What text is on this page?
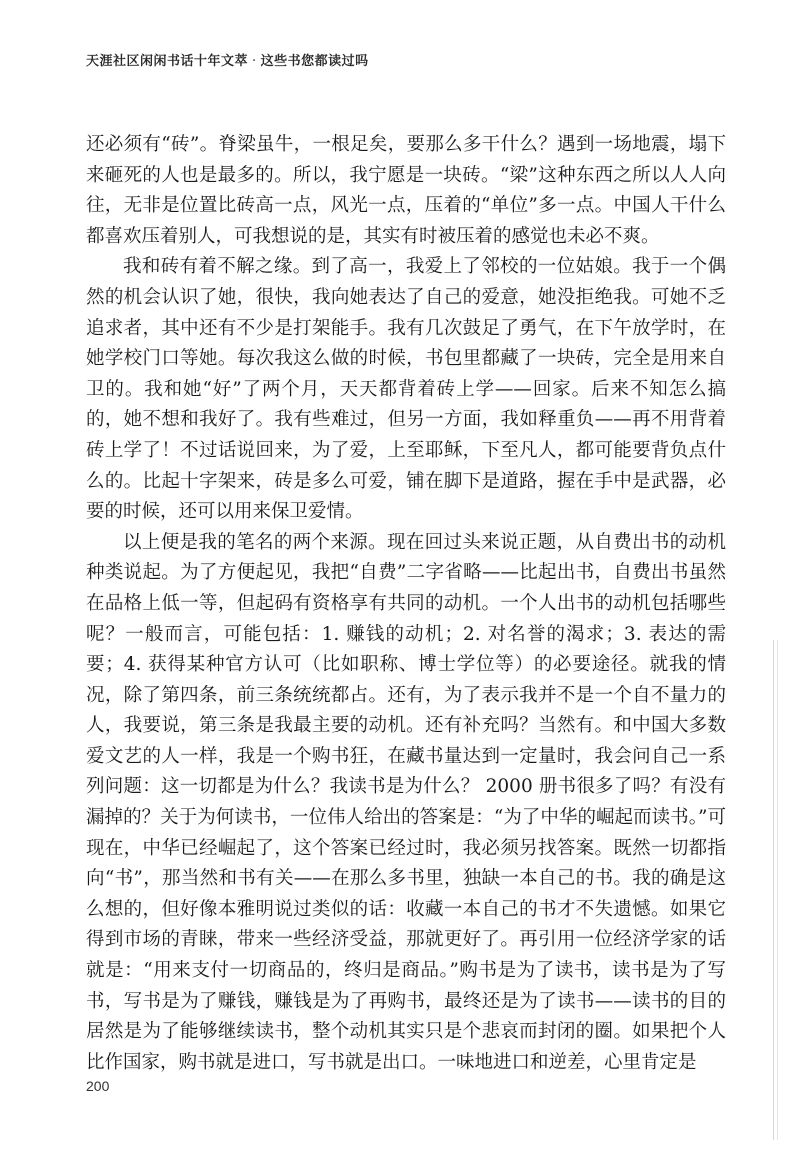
天涯社区闲闲书话十年文萃 · 这些书您都读过吗

还必须有“砖”。脊梁虽牛，一根足矣，要那么多干什么？遇到一场地震，塌下来砸死的人也是最多的。所以，我宁愿是一块砖。“梁”这种东西之所以人人向往，无非是位置比砖高一点，风光一点，压着的“单位”多一点。中国人干什么都喜欢压着别人，可我想说的是，其实有时被压着的感觉也未必不爽。

我和砖有着不解之缘。到了高一，我爱上了邻校的一位姑娘。我于一个偶然的机会认识了她，很快，我向她表达了自己的爱意，她没拒绝我。可她不乏追求者，其中还有不少是打架能手。我有几次鼓足了勇气，在下午放学时，在她学校门口等她。每次我这么做的时候，书包里都藏了一块砖，完全是用来自卫的。我和她“好”了两个月，天天都背着砖上学——回家。后来不知怎么搞的，她不想和我好了。我有些难过，但另一方面，我如释重负——再不用背着砖上学了！不过话说回来，为了爱，上至耶稣，下至凡人，都可能要背负点什么的。比起十字架来，砖是多么可爱，铺在脚下是道路，握在手中是武器，必要的时候，还可以用来保卫爱情。

以上便是我的笔名的两个来源。现在回过头来说正题，从自费出书的动机种类说起。为了方便起见，我把“自费”二字省略——比起出书，自费出书虽然在品格上低一等，但起码有资格享有共同的动机。一个人出书的动机包括哪些呢？一般而言，可能包括：1. 赚钱的动机；2. 对名誉的渴求；3. 表达的需要；4. 获得某种官方认可（比如职称、博士学位等）的必要途径。就我的情况，除了第四条，前三条统统都占。还有，为了表示我并不是一个自不量力的人，我要说，第三条是我最主要的动机。还有补充吗？当然有。和中国大多数爱文艺的人一样，我是一个购书狂，在藏书量达到一定量时，我会问自己一系列问题：这一切都是为什么？我读书是为什么？ 2000 册书很多了吗？有没有漏掉的？关于为何读书，一位伟人给出的答案是：“为了中华的崛起而读书。”可现在，中华已经崛起了，这个答案已经过时，我必须另找答案。既然一切都指向“书”，那当然和书有关——在那么多书里，独缺一本自己的书。我的确是这么想的，但好像本雅明说过类似的话：收藏一本自己的书才不失遗憾。如果它得到市场的青睐，带来一些经济受益，那就更好了。再引用一位经济学家的话就是：“用来支付一切商品的，终归是商品。”购书是为了读书，读书是为了写书，写书是为了赚钱，赚钱是为了再购书，最终还是为了读书——读书的目的居然是为了能够继续读书，整个动机其实只是个悲哀而封闭的圈。如果把个人比作国家，购书就是进口，写书就是出口。一味地进口和逆差，心里肯定是

200
